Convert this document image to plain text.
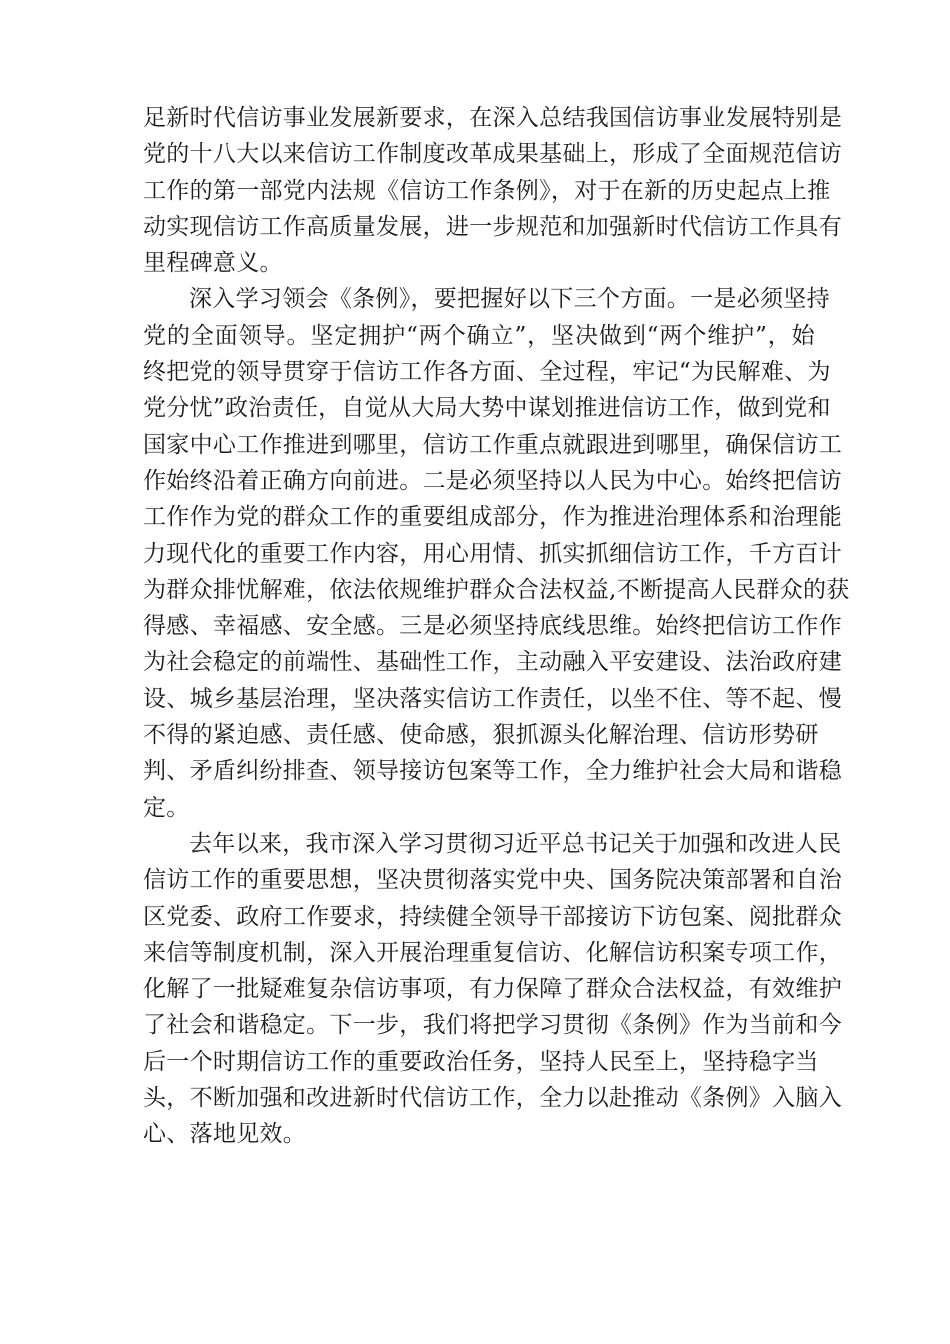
足新时代信访事业发展新要求，在深入总结我国信访事业发展特别是
党的十八大以来信访工作制度改革成果基础上，形成了全面规范信访
工作的第一部党内法规《信访工作条例》，对于在新的历史起点上推
动实现信访工作高质量发展，进一步规范和加强新时代信访工作具有
里程碑意义。
深入学习领会《条例》，要把握好以下三个方面。一是必须坚持
党的全面领导。坚定拥护“两个确立”，坚决做到“两个维护”，始
终把党的领导贯穿于信访工作各方面、全过程，牢记“为民解难、为
党分忧”政治责任，自觉从大局大势中谋划推进信访工作，做到党和
国家中心工作推进到哪里，信访工作重点就跟进到哪里，确保信访工
作始终沿着正确方向前进。二是必须坚持以人民为中心。始终把信访
工作作为党的群众工作的重要组成部分，作为推进治理体系和治理能
力现代化的重要工作内容，用心用情、抓实抓细信访工作，千方百计
为群众排忧解难，依法依规维护群众合法权益,不断提高人民群众的获
得感、幸福感、安全感。三是必须坚持底线思维。始终把信访工作作
为社会稳定的前端性、基础性工作，主动融入平安建设、法治政府建
设、城乡基层治理，坚决落实信访工作责任，以坐不住、等不起、慢
不得的紧迫感、责任感、使命感，狠抓源头化解治理、信访形势研
判、矛盾纠纷排查、领导接访包案等工作，全力维护社会大局和谐稳
定。
去年以来，我市深入学习贯彻习近平总书记关于加强和改进人民
信访工作的重要思想，坚决贯彻落实党中央、国务院决策部署和自治
区党委、政府工作要求，持续健全领导干部接访下访包案、阅批群众
来信等制度机制，深入开展治理重复信访、化解信访积案专项工作，
化解了一批疑难复杂信访事项，有力保障了群众合法权益，有效维护
了社会和谐稳定。下一步，我们将把学习贯彻《条例》作为当前和今
后一个时期信访工作的重要政治任务，坚持人民至上，坚持稳字当
头，不断加强和改进新时代信访工作，全力以赴推动《条例》入脑入
心、落地见效。
